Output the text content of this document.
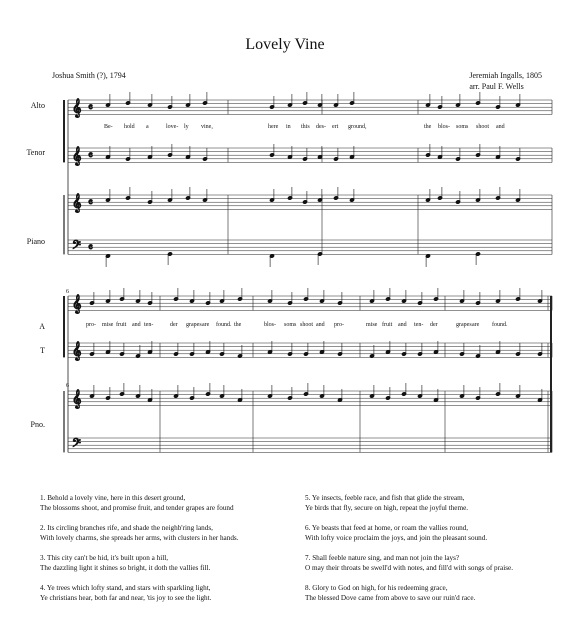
Lovely Vine
Joshua Smith (?), 1794	Jeremiah Ingalls, 1805
arr. Paul F. Wells
Alto
Tenor
Piano
A
T
Pno.
6
6
𝄞
𝄞
𝄞
𝄢
𝄴
𝄴
𝄴
𝄴
𝄞
𝄞
𝄞
𝄢
Be- hold a	love- ly vine,	here in this des- ert ground,	the blos- soms shoot and
pro- mise fruit and ten-	der grapes are found. the	blos- soms shoot and pro-	mise fruit and ten- der	grapes are found.
1. Behold a lovely vine, here in this desert ground,
The blossoms shoot, and promise fruit, and tender grapes are found
2. Its circling branches rife, and shade the neighb'ring lands,
With lovely charms, she spreads her arms, with clusters in her hands.
3. This city can't be hid, it's built upon a hill,
The dazzling light it shines so bright, it doth the vallies fill.
4. Ye trees which lofty stand, and stars with sparkling light,
Ye christians hear, both far and near, 'tis joy to see the light.
5. Ye insects, feeble race, and fish that glide the stream,
Ye birds that fly, secure on high, repeat the joyful theme.
6. Ye beasts that feed at home, or roam the vallies round,
With lofty voice proclaim the joys, and join the pleasant sound.
7. Shall feeble nature sing, and man not join the lays?
O may their throats be swell'd with notes, and fill'd with songs of praise.
8. Glory to God on high, for his redeeming grace,
The blessed Dove came from above to save our ruin'd race.
